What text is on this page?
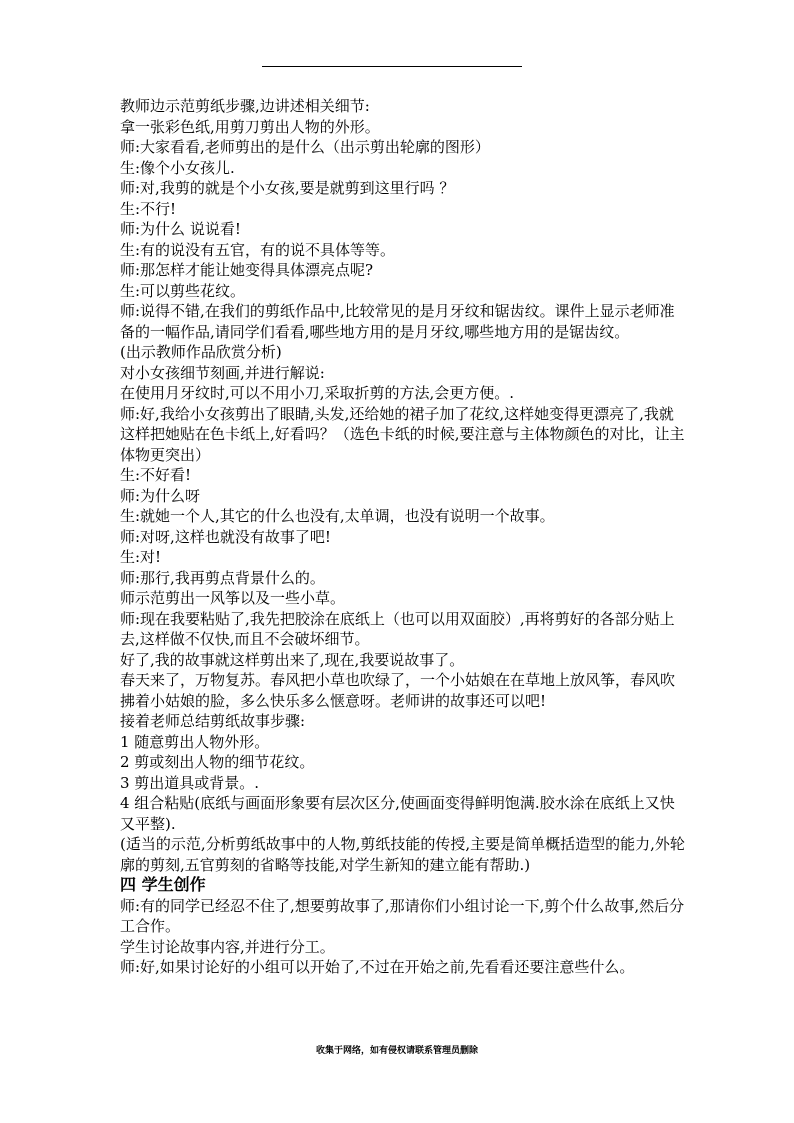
教师边示范剪纸步骤,边讲述相关细节:

拿一张彩色纸,用剪刀剪出人物的外形。

师:大家看看,老师剪出的是什么（出示剪出轮廓的图形）

生:像个小女孩儿.

师:对,我剪的就是个小女孩,要是就剪到这里行吗 ？

生:不行!

师:为什么 说说看!

生:有的说没有五官，有的说不具体等等。

师:那怎样才能让她变得具体漂亮点呢?

生:可以剪些花纹。

师:说得不错,在我们的剪纸作品中,比较常见的是月牙纹和锯齿纹。课件上显示老师准备的一幅作品,请同学们看看,哪些地方用的是月牙纹,哪些地方用的是锯齿纹。

(出示教师作品欣赏分析)

对小女孩细节刻画,并进行解说:

在使用月牙纹时,可以不用小刀,采取折剪的方法,会更方便。.

师:好,我给小女孩剪出了眼睛,头发,还给她的裙子加了花纹,这样她变得更漂亮了,我就这样把她贴在色卡纸上,好看吗？（选色卡纸的时候,要注意与主体物颜色的对比，让主体物更突出）

生:不好看!

师:为什么呀

生:就她一个人,其它的什么也没有,太单调，也没有说明一个故事。

师:对呀,这样也就没有故事了吧!

生:对!

师:那行,我再剪点背景什么的。

师示范剪出一风筝以及一些小草。

师:现在我要粘贴了,我先把胶涂在底纸上（也可以用双面胶）,再将剪好的各部分贴上去,这样做不仅快,而且不会破坏细节。

好了,我的故事就这样剪出来了,现在,我要说故事了。

春天来了，万物复苏。春风把小草也吹绿了，一个小姑娘在在草地上放风筝，春风吹拂着小姑娘的脸，多么快乐多么惬意呀。老师讲的故事还可以吧!

接着老师总结剪纸故事步骤:

1 随意剪出人物外形。

2 剪或刻出人物的细节花纹。

3 剪出道具或背景。.

4 组合粘贴(底纸与画面形象要有层次区分,使画面变得鲜明饱满.胶水涂在底纸上又快又平整).

(适当的示范,分析剪纸故事中的人物,剪纸技能的传授,主要是简单概括造型的能力,外轮廓的剪刻,五官剪刻的省略等技能,对学生新知的建立能有帮助.)

四 学生创作

师:有的同学已经忍不住了,想要剪故事了,那请你们小组讨论一下,剪个什么故事,然后分工合作。

学生讨论故事内容,并进行分工。

师:好,如果讨论好的小组可以开始了,不过在开始之前,先看看还要注意些什么。

收集于网络，如有侵权请联系管理员删除
